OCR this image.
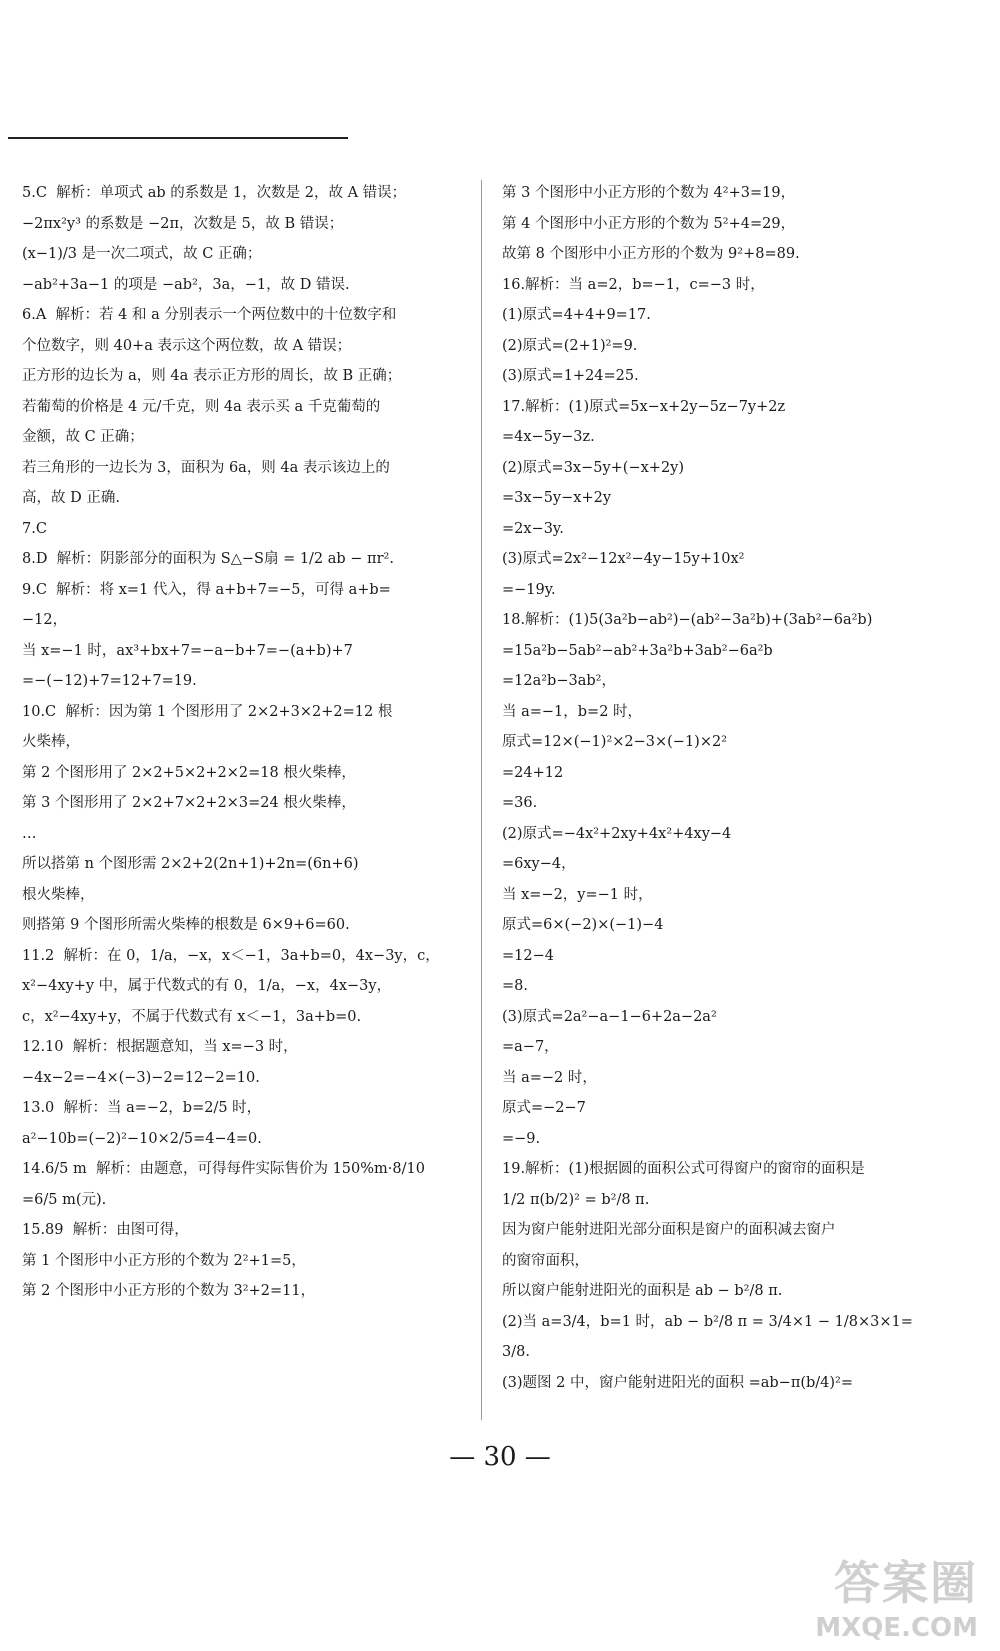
5.C  解析：单项式 ab 的系数是 1，次数是 2，故 A 错误；
−2πx²y³ 的系数是 −2π，次数是 5，故 B 错误；
(x−1)/3 是一次二项式，故 C 正确；
−ab²+3a−1 的项是 −ab²，3a，−1，故 D 错误.
6.A  解析：若 4 和 a 分别表示一个两位数中的十位数字和
个位数字，则 40+a 表示这个两位数，故 A 错误；
正方形的边长为 a，则 4a 表示正方形的周长，故 B 正确；
若葡萄的价格是 4 元/千克，则 4a 表示买 a 千克葡萄的
金额，故 C 正确；
若三角形的一边长为 3，面积为 6a，则 4a 表示该边上的
高，故 D 正确.
7.C
8.D  解析：阴影部分的面积为 S△−S扇 = 1/2 ab − πr².
9.C  解析：将 x=1 代入，得 a+b+7=−5，可得 a+b=
−12，
当 x=−1 时，ax³+bx+7=−a−b+7=−(a+b)+7
=−(−12)+7=12+7=19.
10.C  解析：因为第 1 个图形用了 2×2+3×2+2=12 根
火柴棒，
第 2 个图形用了 2×2+5×2+2×2=18 根火柴棒，
第 3 个图形用了 2×2+7×2+2×3=24 根火柴棒，
…
所以搭第 n 个图形需 2×2+2(2n+1)+2n=(6n+6)
根火柴棒，
则搭第 9 个图形所需火柴棒的根数是 6×9+6=60.
11.2  解析：在 0，1/a，−x，x＜−1，3a+b=0，4x−3y，c，
x²−4xy+y 中，属于代数式的有 0，1/a，−x，4x−3y，
c，x²−4xy+y，不属于代数式有 x＜−1，3a+b=0.
12.10  解析：根据题意知，当 x=−3 时，
−4x−2=−4×(−3)−2=12−2=10.
13.0  解析：当 a=−2，b=2/5 时，
a²−10b=(−2)²−10×2/5=4−4=0.
14.6/5 m  解析：由题意，可得每件实际售价为 150%m·8/10
=6/5 m(元).
15.89  解析：由图可得，
第 1 个图形中小正方形的个数为 2²+1=5，
第 2 个图形中小正方形的个数为 3²+2=11，
第 3 个图形中小正方形的个数为 4²+3=19，
第 4 个图形中小正方形的个数为 5²+4=29，
故第 8 个图形中小正方形的个数为 9²+8=89.
16.解析：当 a=2，b=−1，c=−3 时，
(1)原式=4+4+9=17.
(2)原式=(2+1)²=9.
(3)原式=1+24=25.
17.解析：(1)原式=5x−x+2y−5z−7y+2z
=4x−5y−3z.
(2)原式=3x−5y+(−x+2y)
=3x−5y−x+2y
=2x−3y.
(3)原式=2x²−12x²−4y−15y+10x²
=−19y.
18.解析：(1)5(3a²b−ab²)−(ab²−3a²b)+(3ab²−6a²b)
=15a²b−5ab²−ab²+3a²b+3ab²−6a²b
=12a²b−3ab²，
当 a=−1，b=2 时，
原式=12×(−1)²×2−3×(−1)×2²
=24+12
=36.
(2)原式=−4x²+2xy+4x²+4xy−4
=6xy−4，
当 x=−2，y=−1 时，
原式=6×(−2)×(−1)−4
=12−4
=8.
(3)原式=2a²−a−1−6+2a−2a²
=a−7，
当 a=−2 时，
原式=−2−7
=−9.
19.解析：(1)根据圆的面积公式可得窗户的窗帘的面积是
1/2 π(b/2)² = b²/8 π.
因为窗户能射进阳光部分面积是窗户的面积减去窗户
的窗帘面积，
所以窗户能射进阳光的面积是 ab − b²/8 π.
(2)当 a=3/4，b=1 时，ab − b²/8 π = 3/4×1 − 1/8×3×1=
3/8.
(3)题图 2 中，窗户能射进阳光的面积 =ab−π(b/4)²=
— 30 —
答案圈
MXQE.COM
